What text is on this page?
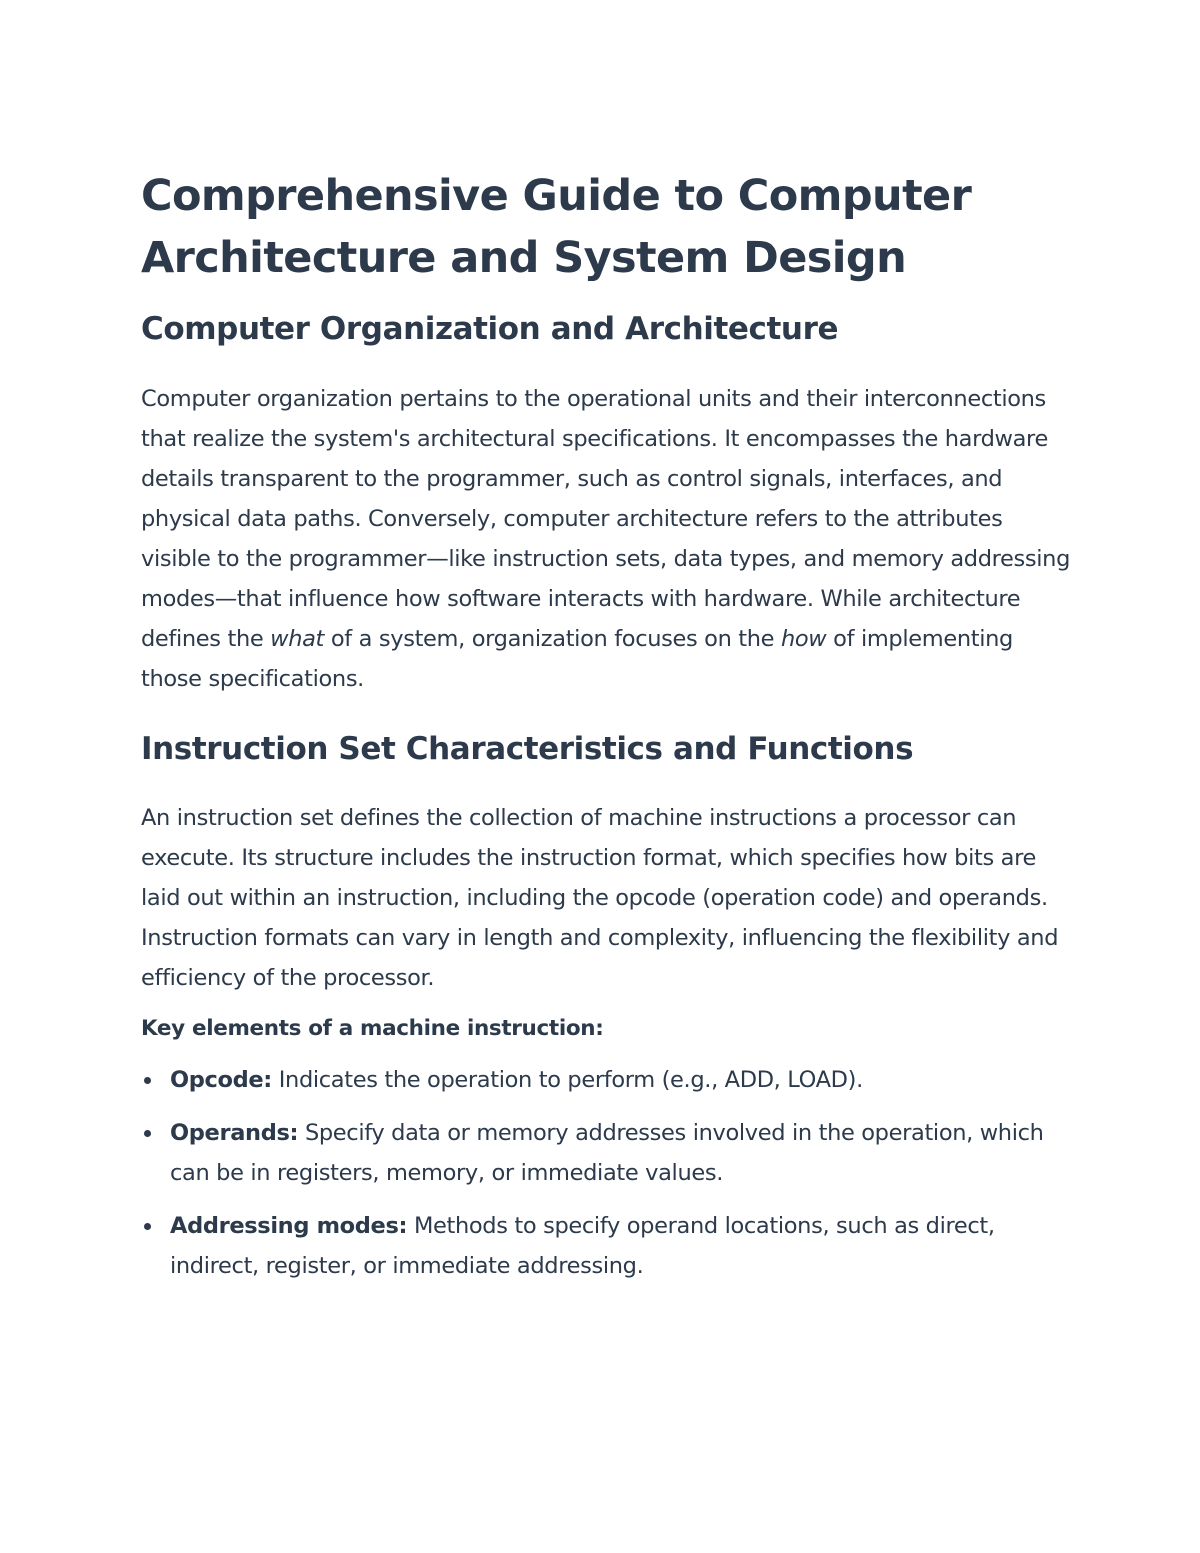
Comprehensive Guide to Computer Architecture and System Design
Computer Organization and Architecture

Computer organization pertains to the operational units and their interconnections that realize the system's architectural specifications. It encompasses the hardware details transparent to the programmer, such as control signals, interfaces, and physical data paths. Conversely, computer architecture refers to the attributes visible to the programmer—like instruction sets, data types, and memory addressing modes—that influence how software interacts with hardware. While architecture defines the what of a system, organization focuses on the how of implementing those specifications.

Instruction Set Characteristics and Functions

An instruction set defines the collection of machine instructions a processor can execute. Its structure includes the instruction format, which specifies how bits are laid out within an instruction, including the opcode (operation code) and operands. Instruction formats can vary in length and complexity, influencing the flexibility and efficiency of the processor.

Key elements of a machine instruction:

Opcode: Indicates the operation to perform (e.g., ADD, LOAD).
Operands: Specify data or memory addresses involved in the operation, which can be in registers, memory, or immediate values.
Addressing modes: Methods to specify operand locations, such as direct, indirect, register, or immediate addressing.
